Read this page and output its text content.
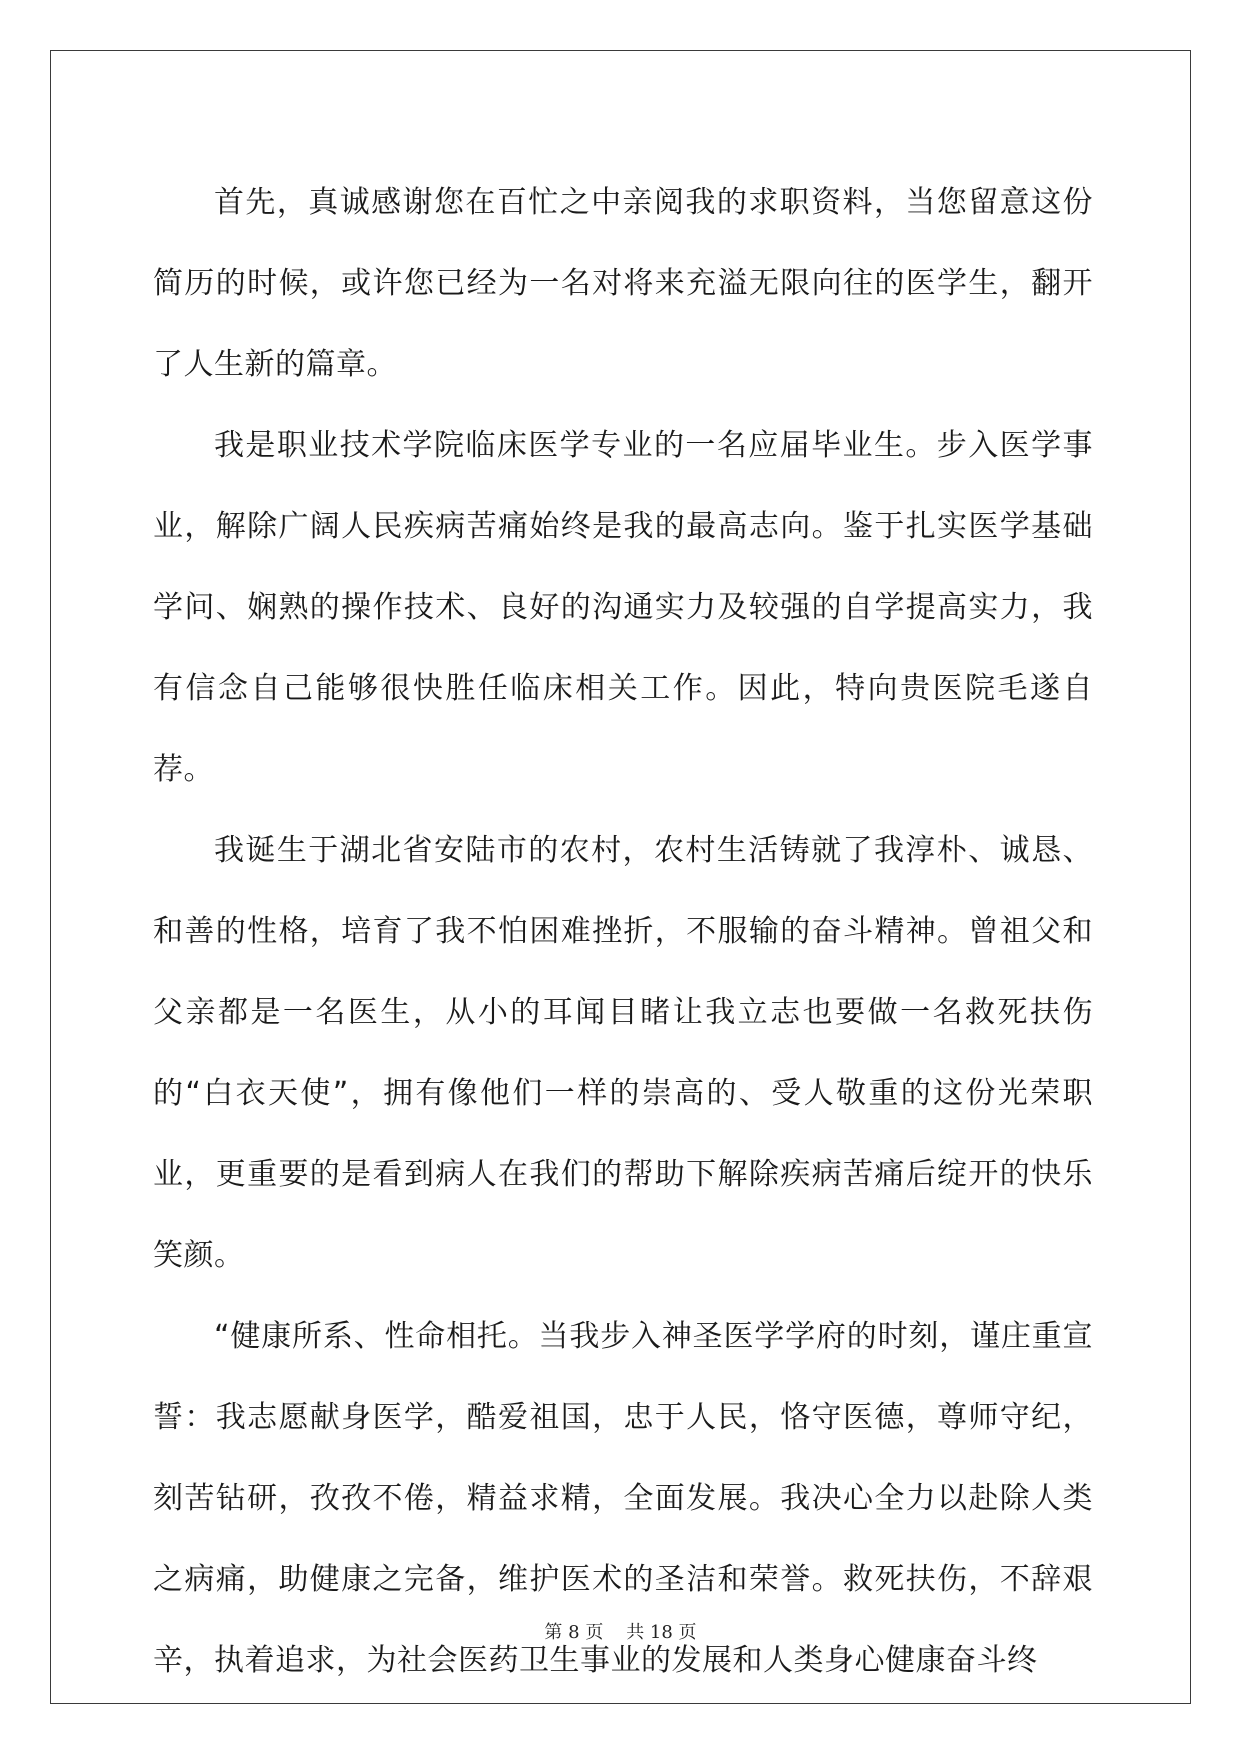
首先，真诚感谢您在百忙之中亲阅我的求职资料，当您留意这份简历的时候，或许您已经为一名对将来充溢无限向往的医学生，翻开了人生新的篇章。

我是职业技术学院临床医学专业的一名应届毕业生。步入医学事业，解除广阔人民疾病苦痛始终是我的最高志向。鉴于扎实医学基础学问、娴熟的操作技术、良好的沟通实力及较强的自学提高实力，我有信念自己能够很快胜任临床相关工作。因此，特向贵医院毛遂自荐。

我诞生于湖北省安陆市的农村，农村生活铸就了我淳朴、诚恳、和善的性格，培育了我不怕困难挫折，不服输的奋斗精神。曾祖父和父亲都是一名医生，从小的耳闻目睹让我立志也要做一名救死扶伤的“白衣天使”，拥有像他们一样的崇高的、受人敬重的这份光荣职业，更重要的是看到病人在我们的帮助下解除疾病苦痛后绽开的快乐笑颜。

“健康所系、性命相托。当我步入神圣医学学府的时刻，谨庄重宣誓：我志愿献身医学，酷爱祖国，忠于人民，恪守医德，尊师守纪，刻苦钻研，孜孜不倦，精益求精，全面发展。我决心全力以赴除人类之病痛，助健康之完备，维护医术的圣洁和荣誉。救死扶伤，不辞艰辛，执着追求，为社会医药卫生事业的发展和人类身心健康奋斗终

第 8 页    共 18 页
